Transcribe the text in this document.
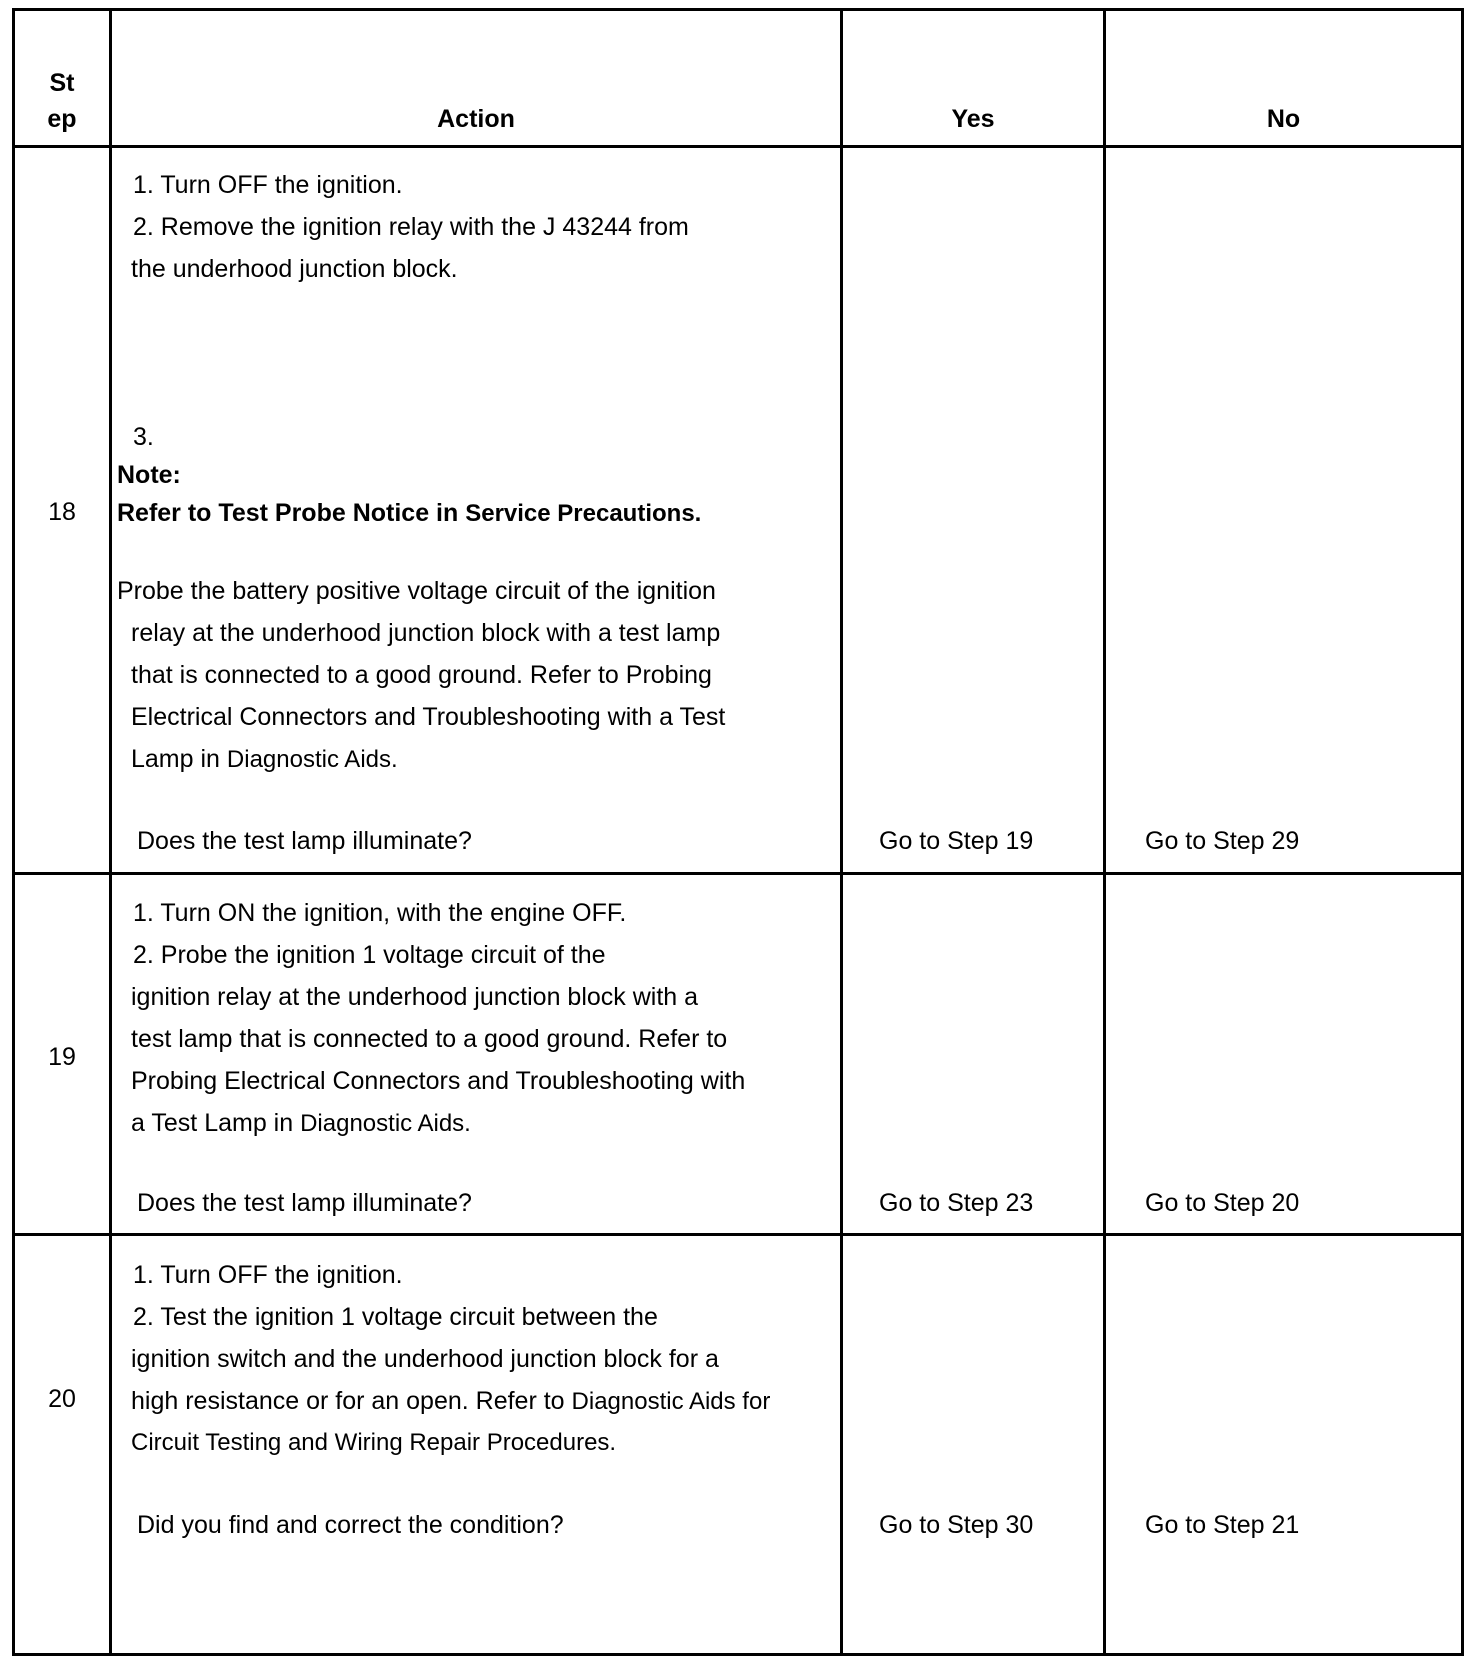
St
ep	Action	Yes	No
18
1. Turn OFF the ignition.
2. Remove the ignition relay with the J 43244 from
the underhood junction block.
3.
Note:
Refer to Test Probe Notice in Service Precautions.
Probe the battery positive voltage circuit of the ignition
relay at the underhood junction block with a test lamp
that is connected to a good ground. Refer to Probing
Electrical Connectors and Troubleshooting with a Test
Lamp in Diagnostic Aids.
Does the test lamp illuminate?	Go to Step 19	Go to Step 29
19
1. Turn ON the ignition, with the engine OFF.
2. Probe the ignition 1 voltage circuit of the
ignition relay at the underhood junction block with a
test lamp that is connected to a good ground. Refer to
Probing Electrical Connectors and Troubleshooting with
a Test Lamp in Diagnostic Aids.
Does the test lamp illuminate?	Go to Step 23	Go to Step 20
20
1. Turn OFF the ignition.
2. Test the ignition 1 voltage circuit between the
ignition switch and the underhood junction block for a
high resistance or for an open. Refer to Diagnostic Aids for
Circuit Testing and Wiring Repair Procedures.
Did you find and correct the condition?	Go to Step 30	Go to Step 21
